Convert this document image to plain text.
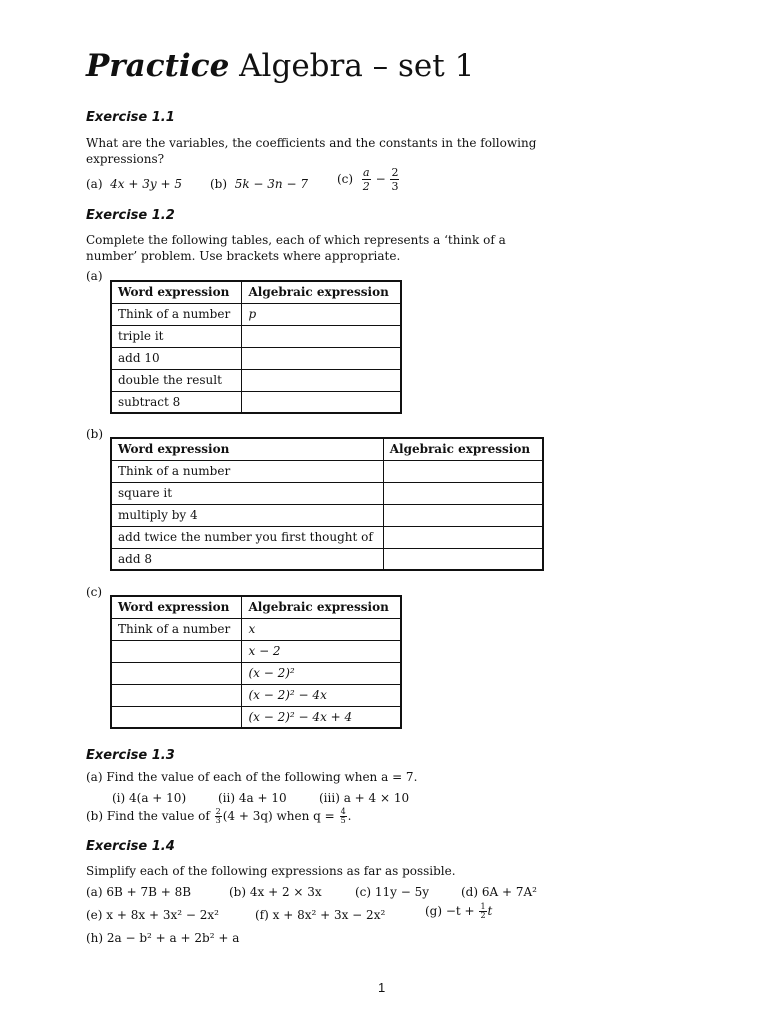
Practice Algebra – set 1
Exercise 1.1
What are the variables, the coefficients and the constants in the following expressions?
(a) 4x + 3y + 5 (b) 5k − 3n − 7 $(c) \frac{a}{2} - \frac{2}{3}$
Exercise 1.2
Complete the following tables, each of which represents a ‘think of a number’ problem. Use brackets where appropriate.
(a)
Word expression	Algebraic expression
Think of a number	p
triple it	
add 10	
double the result	
subtract 8	
(b)
Word expression	Algebraic expression
Think of a number	
square it	
multiply by 4	
add twice the number you first thought of	
add 8	
(c)
Word expression	Algebraic expression
Think of a number	x
	x − 2
	(x − 2)²
	(x − 2)² − 4x
	(x − 2)² − 4x + 4
Exercise 1.3
(a) Find the value of each of the following when a = 7.
(i) 4(a + 10)	(ii) 4a + 10	(iii) a + 4 × 10
(b) Find the value of $\frac{2}{3} (4 + 3q)$ when $q = \frac{4}{5}$ .
Exercise 1.4
Simplify each of the following expressions as far as possible.
(a) 6B + 7B + 8B	(b) 4x + 2 × 3x	(c) 11y − 5y	(d) 6A + 7A²
(e) x + 8x + 3x² − 2x²	(f) x + 8x² + 3x − 2x²	$(g) -t + \frac{1}{2}$ t
(h) 2a − b² + a + 2b² + a
1
